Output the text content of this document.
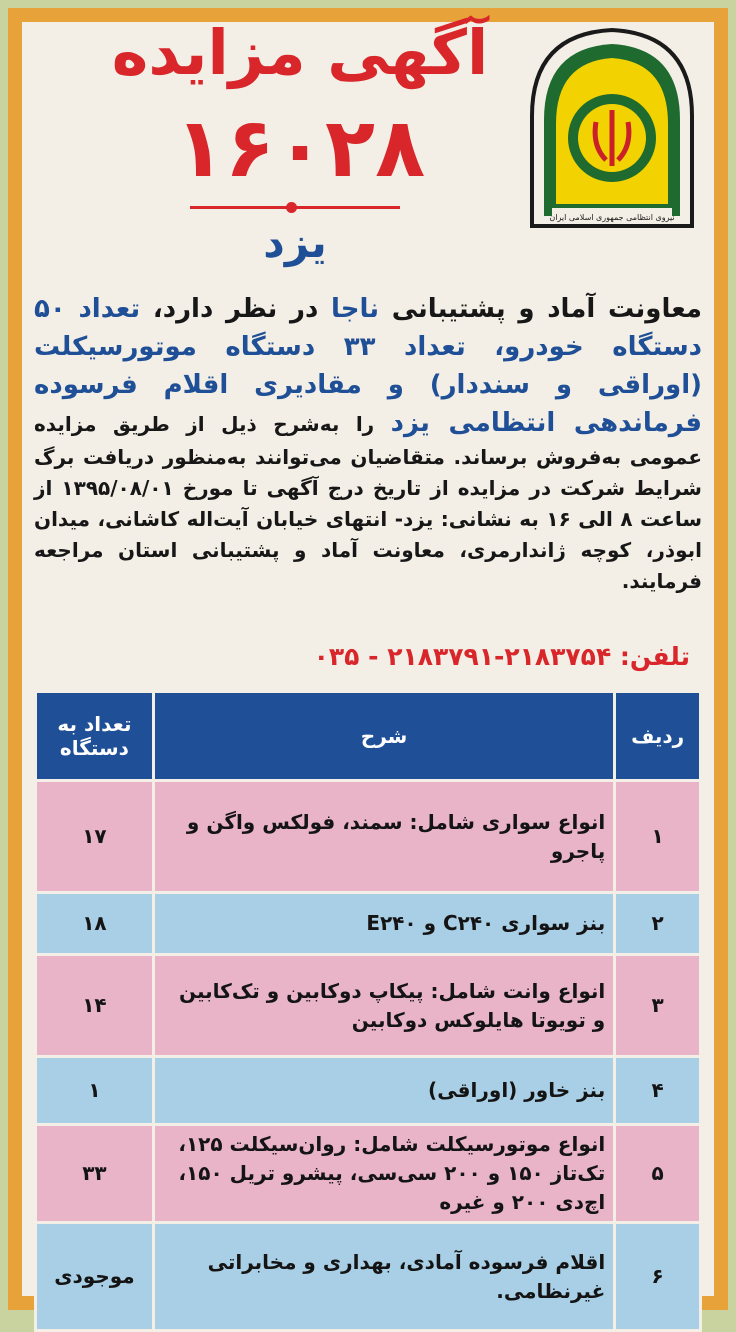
نیروی انتظامی جمهوری اسلامی ایران
آگهی مزایده
۱۶۰۲۸
یزد
معاونت آماد و پشتیبانی ناجا در نظر دارد، تعداد ۵۰ دستگاه خودرو، تعداد ۳۳ دستگاه موتورسیکلت (اوراقی و سنددار) و مقادیری اقلام فرسوده فرماندهی انتظامی یزد را به‌شرح ذیل از طریق مزایده عمومی به‌فروش برساند. متقاضیان می‌توانند به‌منظور دریافت برگ شرایط شرکت در مزایده از تاریخ درج آگهی تا مورخ ۱۳۹۵/۰۸/۰۱ از ساعت ۸ الی ۱۶ به نشانی: یزد- انتهای خیابان آیت‌اله کاشانی، میدان ابوذر، کوچه ژاندارمری، معاونت آماد و پشتیبانی استان مراجعه فرمایند.
تلفن: ۲۱۸۳۷۵۴-۲۱۸۳۷۹۱ - ۰۳۵
ردیف	شرح	تعداد به دستگاه
۱	انواع سواری شامل: سمند، فولکس واگن و پاجرو	۱۷
۲	بنز سواری C۲۴۰ و E۲۴۰	۱۸
۳	انواع وانت شامل: پیکاپ دوکابین و تک‌کابین و تویوتا هایلوکس دوکابین	۱۴
۴	بنز خاور (اوراقی)	۱
۵	انواع موتورسیکلت شامل: روان‌سیکلت ۱۲۵، تک‌تاز ۱۵۰ و ۲۰۰ سی‌سی، پیشرو تریل ۱۵۰، اچ‌دی ۲۰۰ و غیره	۳۳
۶	اقلام فرسوده آمادی، بهداری و مخابراتی غیرنظامی.	موجودی
